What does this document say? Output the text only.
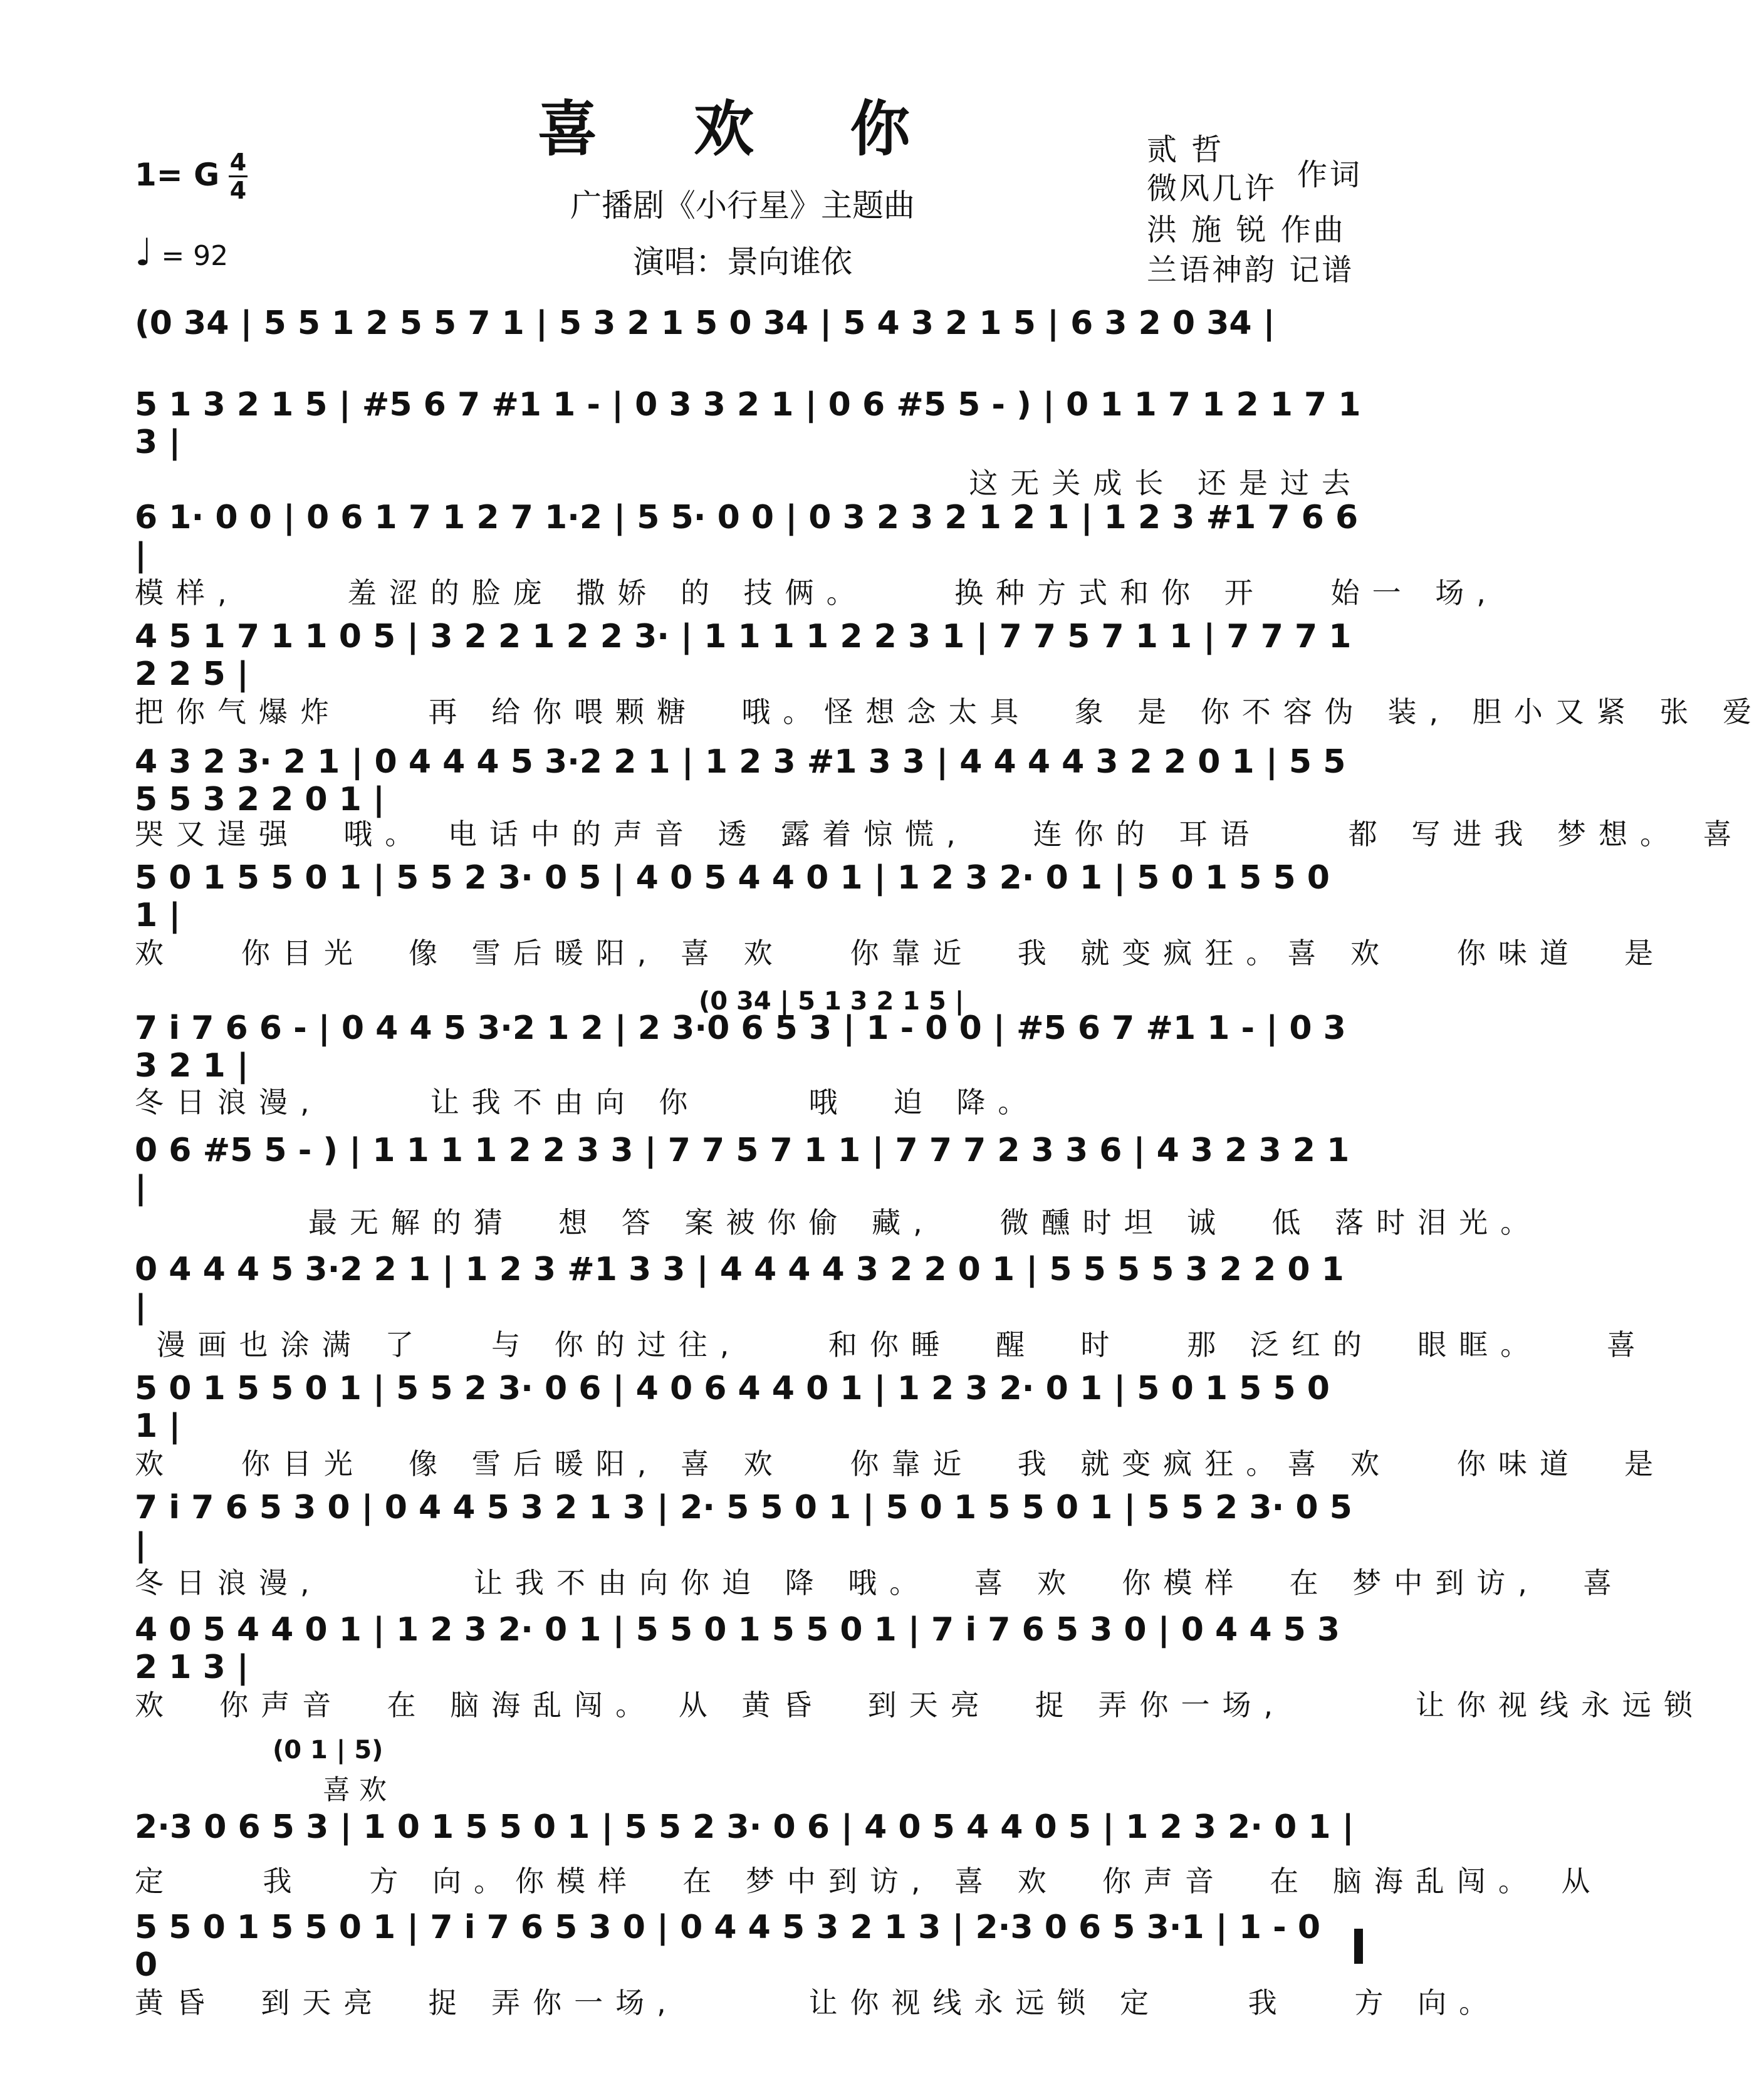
喜 欢 你
广播剧《小行星》主题曲
演唱：景向谁依
1= G 4
4
♩ = 92
贰 哲
作词
微风几许
洪 施 锐 作曲
兰语神韵 记谱
(0 34 | 5 5 1 2 5 5 7 1 | 5 3 2 1 5 0 34 | 5 4 3 2 1 5 | 6 3 2 0 34 |
5 1 3 2 1 5 | #5 6 7 #1 1 - | 0 3 3 2 1 | 0 6 #5 5 - ) | 0 1 1 7 1 2 1 7 1 3 |
这无关成长 还是过去
6 1· 0 0 | 0 6 1 7 1 2 7 1·2 | 5 5· 0 0 | 0 3 2 3 2 1 2 1 | 1 2 3 #1 7 6 6 |
模样,     羞涩的脸庞 撒娇 的 技俩。    换种方式和你 开   始一 场,
4 5 1 7 1 1 0 5 | 3 2 2 1 2 2 3· | 1 1 1 1 2 2 3 1 | 7 7 5 7 1 1 | 7 7 7 1 2 2 5 |
把你气爆炸    再 给你喂颗糖  哦。怪想念太具  象 是 你不容伪 装, 胆小又紧 张 爱
4 3 2 3· 2 1 | 0 4 4 4 5 3·2 2 1 | 1 2 3 #1 3 3 | 4 4 4 4 3 2 2 0 1 | 5 5 5 5 3 2 2 0 1 |
哭又逞强  哦。 电话中的声音 透 露着惊慌,   连你的 耳语    都 写进我 梦想。 喜
5 0 1 5 5 0 1 | 5 5 2 3· 0 5 | 4 0 5 4 4 0 1 | 1 2 3 2· 0 1 | 5 0 1 5 5 0 1 |
欢   你目光  像 雪后暖阳, 喜 欢   你靠近  我 就变疯狂。喜 欢   你味道  是
(0 34 | 5 1 3 2 1 5 |
7 i 7 6 6 - | 0 4 4 5 3·2 1 2 | 2 3·0 6 5 3 | 1 - 0 0 | #5 6 7 #1 1 - | 0 3 3 2 1 |
冬日浪漫,     让我不由向 你     哦  迫 降。
0 6 #5 5 - ) | 1 1 1 1 2 2 3 3 | 7 7 5 7 1 1 | 7 7 7 2 3 3 6 | 4 3 2 3 2 1 |
最无解的猜  想 答 案被你偷 藏,   微醺时坦 诚  低 落时泪光。
0 4 4 4 5 3·2 2 1 | 1 2 3 #1 3 3 | 4 4 4 4 3 2 2 0 1 | 5 5 5 5 3 2 2 0 1 |
漫画也涂满 了   与 你的过往,    和你睡  醒  时   那 泛红的  眼眶。   喜
5 0 1 5 5 0 1 | 5 5 2 3· 0 6 | 4 0 6 4 4 0 1 | 1 2 3 2· 0 1 | 5 0 1 5 5 0 1 |
欢   你目光  像 雪后暖阳, 喜 欢   你靠近  我 就变疯狂。喜 欢   你味道  是
7 i 7 6 5 3 0 | 0 4 4 5 3 2 1 3 | 2· 5 5 0 1 | 5 0 1 5 5 0 1 | 5 5 2 3· 0 5 |
冬日浪漫,       让我不由向你迫 降 哦。  喜 欢  你模样  在 梦中到访,  喜
4 0 5 4 4 0 1 | 1 2 3 2· 0 1 | 5 5 0 1 5 5 0 1 | 7 i 7 6 5 3 0 | 0 4 4 5 3 2 1 3 |
欢  你声音  在 脑海乱闯。 从 黄昏  到天亮  捉 弄你一场,      让你视线永远锁
(0 1 | 5)
喜 欢
2·3 0 6 5 3 | 1 0 1 5 5 0 1 | 5 5 2 3· 0 6 | 4 0 5 4 4 0 5 | 1 2 3 2· 0 1 |
定    我   方 向。你模样  在 梦中到访, 喜 欢  你声音  在 脑海乱闯。 从
5 5 0 1 5 5 0 1 | 7 i 7 6 5 3 0 | 0 4 4 5 3 2 1 3 | 2·3 0 6 5 3·1 | 1 - 0 0
黄昏  到天亮  捉 弄你一场,      让你视线永远锁 定    我   方 向。
